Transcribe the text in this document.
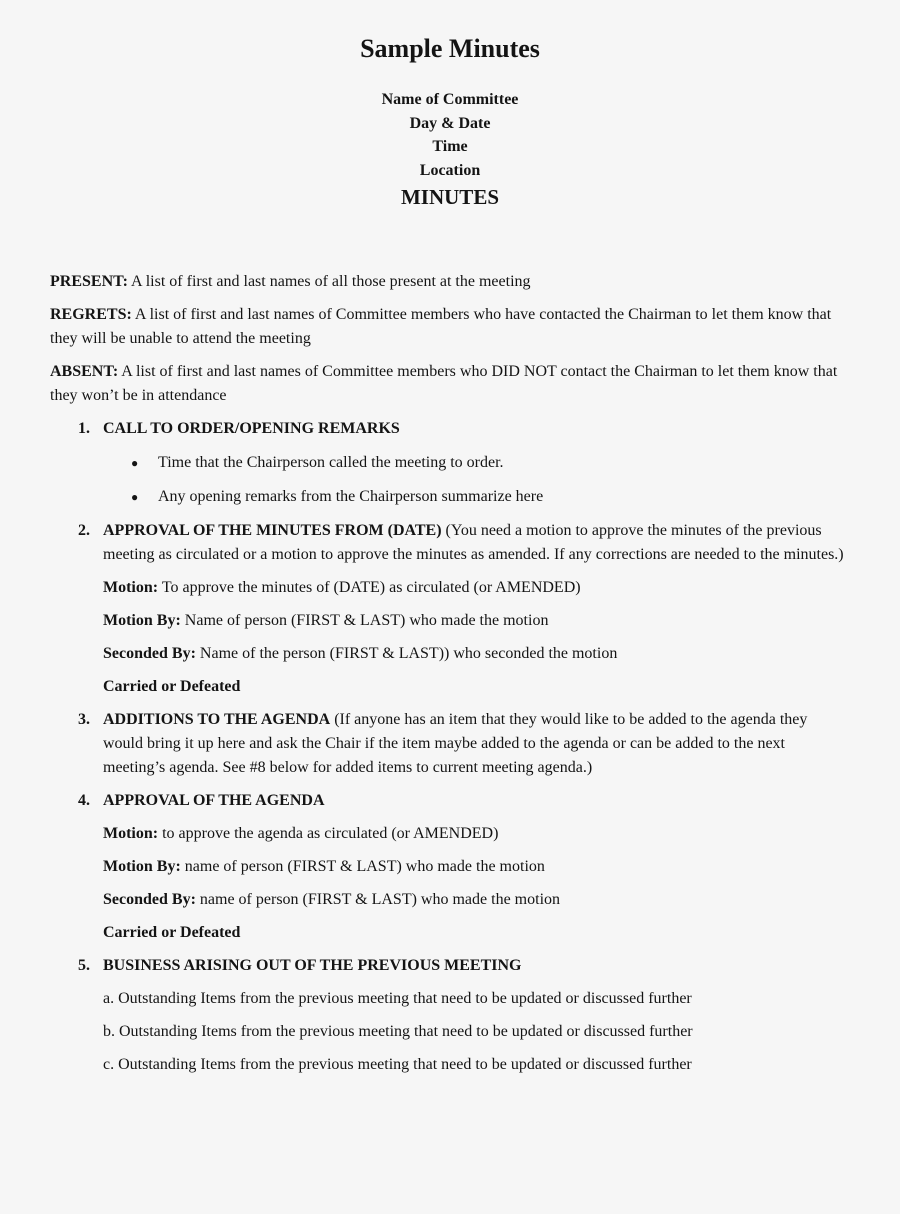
Sample Minutes
Name of Committee
Day & Date
Time
Location
MINUTES

PRESENT: A list of first and last names of all those present at the meeting

REGRETS: A list of first and last names of Committee members who have contacted the Chairman to let them know that they will be unable to attend the meeting

ABSENT: A list of first and last names of Committee members who DID NOT contact the Chairman to let them know that they won’t be in attendance

1. CALL TO ORDER/OPENING REMARKS
●	Time that the Chairperson called the meeting to order.
●	Any opening remarks from the Chairperson summarize here
2. APPROVAL OF THE MINUTES FROM (DATE) (You need a motion to approve the minutes of the previous meeting as circulated or a motion to approve the minutes as amended. If any corrections are needed to the minutes.)

Motion: To approve the minutes of (DATE) as circulated (or AMENDED)

Motion By: Name of person (FIRST & LAST) who made the motion

Seconded By: Name of the person (FIRST & LAST)) who seconded the motion

Carried or Defeated

3. ADDITIONS TO THE AGENDA (If anyone has an item that they would like to be added to the agenda they would bring it up here and ask the Chair if the item maybe added to the agenda or can be added to the next meeting’s agenda. See #8 below for added items to current meeting agenda.)
4. APPROVAL OF THE AGENDA

Motion: to approve the agenda as circulated (or AMENDED)

Motion By: name of person (FIRST & LAST) who made the motion

Seconded By: name of person (FIRST & LAST) who made the motion

Carried or Defeated

5. BUSINESS ARISING OUT OF THE PREVIOUS MEETING

a. Outstanding Items from the previous meeting that need to be updated or discussed further

b. Outstanding Items from the previous meeting that need to be updated or discussed further

c. Outstanding Items from the previous meeting that need to be updated or discussed further
